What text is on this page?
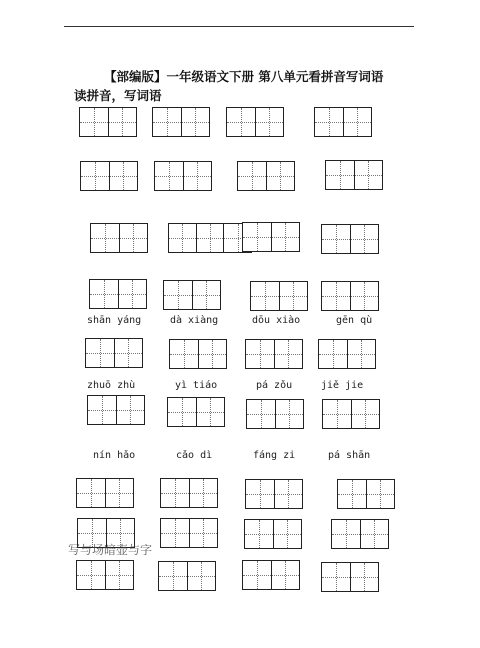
【部编版】一年级语文下册 第八单元看拼音写词语
读拼音，写词语
shān yáng	dà xiàng	dōu xiào	gēn qù
zhuō zhù	yì tiáo	pá zǒu	jiě jie
nín hǎo	cǎo dì	fáng zi	pá shān
写与场暗壶与字
